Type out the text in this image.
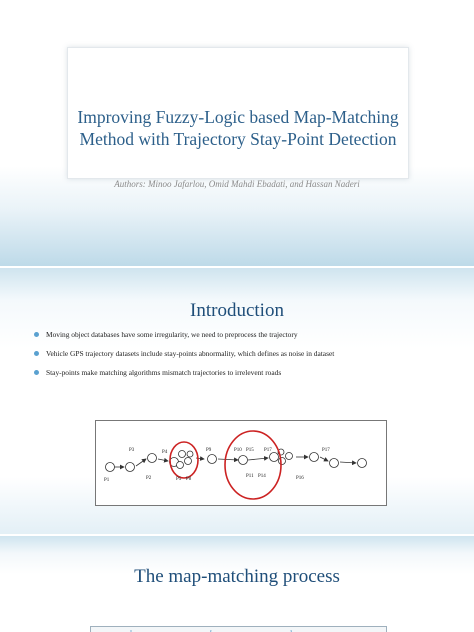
Improving Fuzzy-Logic based Map-Matching
Method with Trajectory Stay-Point Detection
Authors: Minoo Jafarlou, Omid Mahdi Ebadati, and Hassan Naderi
Introduction
Moving object databases have some irregularity, we need to preprocess the trajectory
Vehicle GPS trajectory datasets include stay-points abnormality, which defines as noise in dataset
Stay-points make matching algorithms mismatch trajectories to irrelevent roads
P1	P2
P3	P4
P5 P8
P9	P10 P15 P17
P11 P14
P17
P16
The map-matching process
